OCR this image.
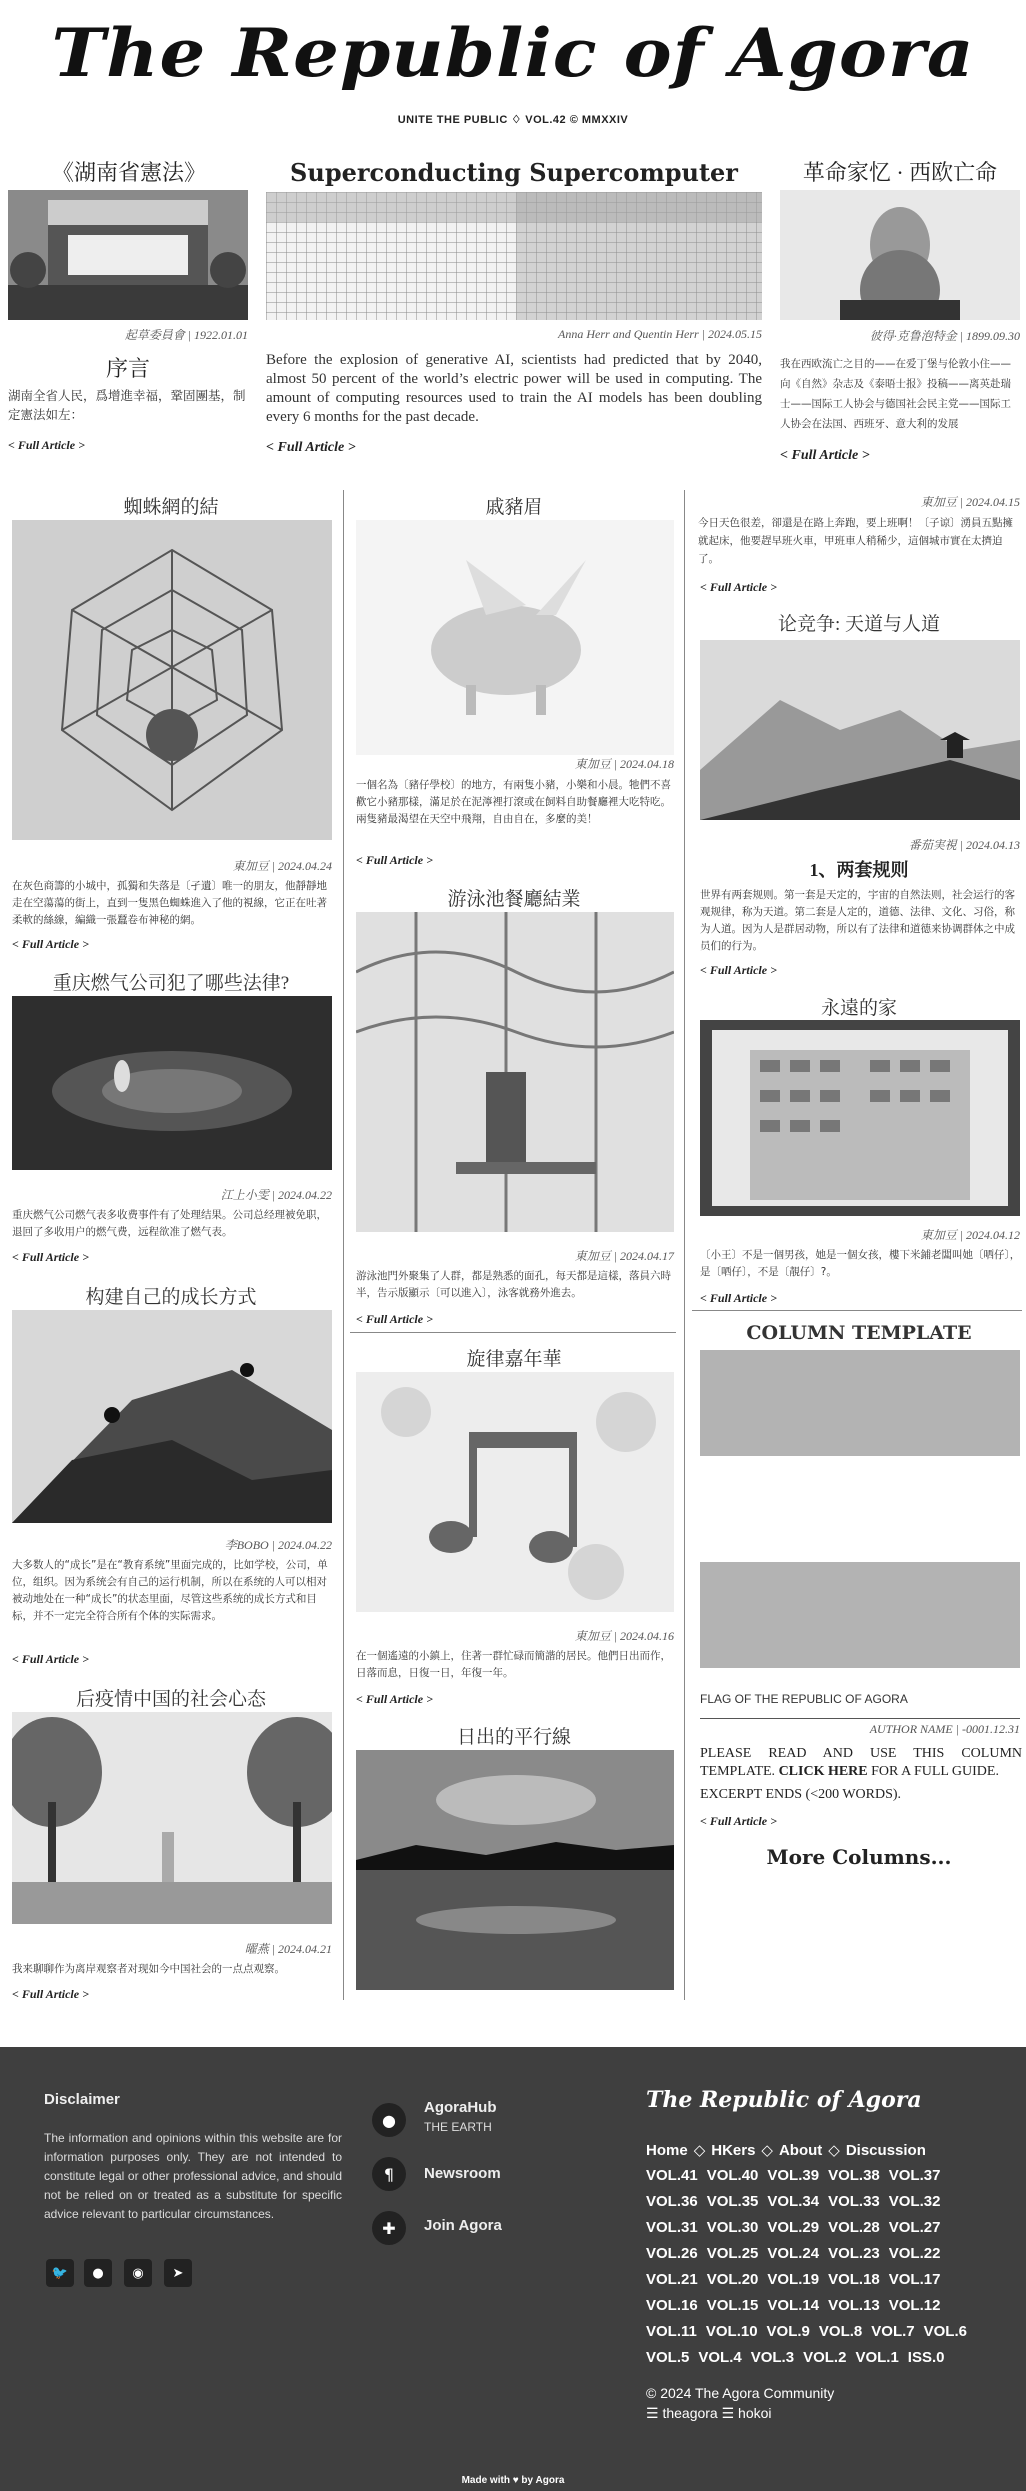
The Republic of Agora
UNITE THE PUBLIC ♢ VOL.42 © MMXXIV
《湖南省憲法》
起草委員會 | 1922.01.01
序言
湖南全省人民，爲增進幸福，鞏固團基，制定憲法如左：
< Full Article >
Superconducting Supercomputer
Anna Herr and Quentin Herr | 2024.05.15
Before the explosion of generative AI, scientists had predicted that by 2040, almost 50 percent of the world’s electric power will be used in computing. The amount of computing resources used to train the AI models has been doubling every 6 months for the past decade.
< Full Article >
革命家忆 · 西欧亡命
彼得·克鲁泡特金 | 1899.09.30
我在西欧流亡之目的——在爱丁堡与伦敦小住——向《自然》杂志及《泰晤士报》投稿——离英赴瑞士——国际工人协会与德国社会民主党——国际工人协会在法国、西班牙、意大利的发展
< Full Article >
蜘蛛網的結
東加豆 | 2024.04.24
在灰色商籌的小城中，孤獨和失落是〔孑遺〕唯一的朋友，他靜靜地走在空蕩蕩的街上，直到一隻黑色蜘蛛進入了他的視線，它正在吐著柔軟的絲線，編織一張蠶卷布神秘的網。
< Full Article >
重庆燃气公司犯了哪些法律?
江上小雯 | 2024.04.22
重庆燃气公司燃气表多收费事件有了处理结果。公司总经理被免职，退回了多收用户的燃气费，远程欲准了燃气表。
< Full Article >
构建自己的成长方式
李BOBO | 2024.04.22
大多数人的“成长”是在“教育系统”里面完成的，比如学校，公司，单位，组织。因为系统会有自己的运行机制，所以在系统的人可以相对被动地处在一种“成长”的状态里面，尽管这些系统的成长方式和目标，并不一定完全符合所有个体的实际需求。
< Full Article >
后疫情中国的社会心态
曜燕 | 2024.04.21
我来聊聊作为离岸观察者对现如今中国社会的一点点观察。
< Full Article >
戚豬眉
東加豆 | 2024.04.18
一個名為〔豬仔學校〕的地方，有兩隻小豬，小樂和小晨。牠們不喜歡它小豬那樣，滿足於在泥濘裡打滾或在飼料自助餐廳裡大吃特吃。兩隻豬最渴望在天空中飛翔，自由自在，多麼的美！
< Full Article >
游泳池餐廳結業
東加豆 | 2024.04.17
游泳池門外聚集了人群，都是熟悉的面孔，每天都是這樣，落員六時半，告示版顯示〔可以進入〕，泳客就務外進去。
< Full Article >
旋律嘉年華
東加豆 | 2024.04.16
在一個遙遠的小鎮上，住著一群忙碌而簡諧的居民。他們日出而作，日落而息，日復一日，年復一年。
< Full Article >
日出的平行線
東加豆 | 2024.04.15
今日天色很差，卻還是在路上奔跑，要上班啊！〔子谅〕湧員五點擁就起床，他要趕早班火車，甲班車人稍稀少，這個城市實在太擠迫了。
< Full Article >
论竞争: 天道与人道
番茄実視 | 2024.04.13
1、两套规则
世界有两套规则。第一套是天定的，宇宙的自然法则，社会运行的客观规律，称为天道。第二套是人定的，道德、法律、文化、习俗，称为人道。因为人是群居动物，所以有了法律和道德来协调群体之中成员们的行为。
< Full Article >
永遠的家
東加豆 | 2024.04.12
〔小王〕不是一個男孩，她是一個女孩，樓下米鋪老闆叫她〔哂仔〕，是〔哂仔〕，不是〔靚仔〕?。
< Full Article >
COLUMN TEMPLATE
FLAG OF THE REPUBLIC OF AGORA
AUTHOR NAME | -0001.12.31
PLEASE READ AND USE THIS COLUMN TEMPLATE. CLICK HERE FOR A FULL GUIDE.
EXCERPT ENDS (<200 WORDS).
< Full Article >
More Columns...
Disclaimer
The information and opinions within this website are for information purposes only. They are not intended to constitute legal or other professional advice, and should not be relied on or treated as a substitute for specific advice relevant to particular circumstances.
🐦	●	◉	➤
●
AgoraHub
THE EARTH
¶	Newsroom
✚	Join Agora
The Republic of Agora
Home ◇ HKers ◇ About ◇ Discussion
VOL.41 VOL.40 VOL.39 VOL.38 VOL.37
VOL.36 VOL.35 VOL.34 VOL.33 VOL.32
VOL.31 VOL.30 VOL.29 VOL.28 VOL.27
VOL.26 VOL.25 VOL.24 VOL.23 VOL.22
VOL.21 VOL.20 VOL.19 VOL.18 VOL.17
VOL.16 VOL.15 VOL.14 VOL.13 VOL.12
VOL.11 VOL.10 VOL.9 VOL.8 VOL.7 VOL.6
VOL.5 VOL.4 VOL.3 VOL.2 VOL.1 ISS.0
© 2024 The Agora Community
☰ theagora ☰ hokoi
Made with ♥ by Agora
